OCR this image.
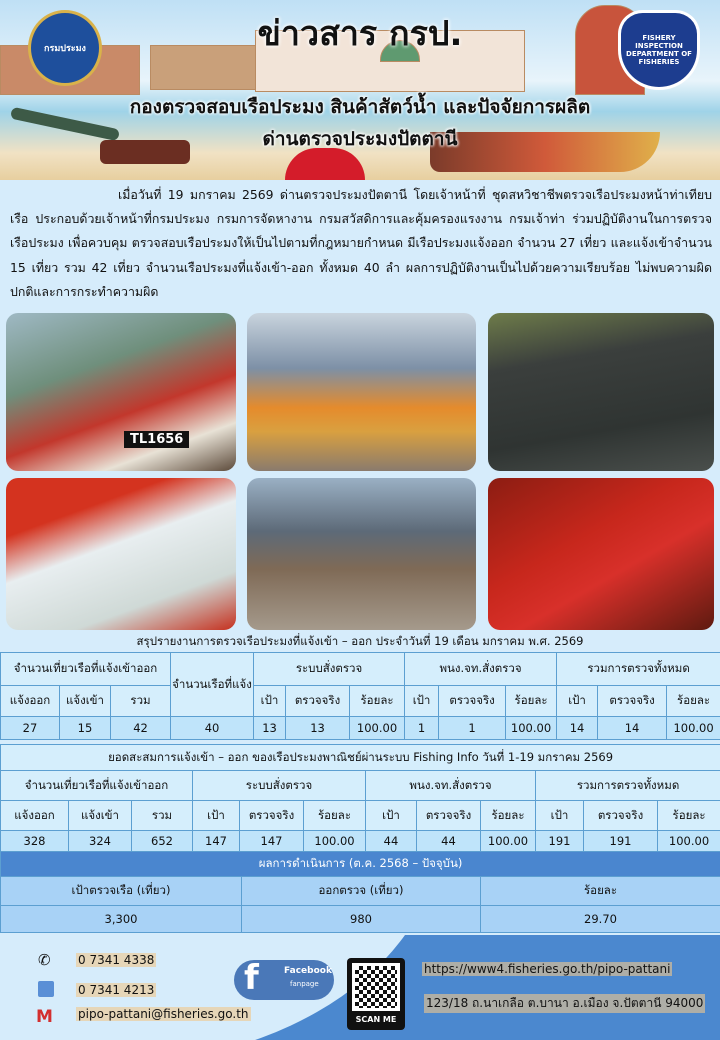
กรมประมง
FISHERY INSPECTION DEPARTMENT OF FISHERIES
ข่าวสาร กรป.
กองตรวจสอบเรือประมง สินค้าสัตว์น้ำ และปัจจัยการผลิต
ด่านตรวจประมงปัตตานี
เมื่อวันที่ 19 มกราคม 2569 ด่านตรวจประมงปัตตานี โดยเจ้าหน้าที่ ชุดสหวิชาชีพตรวจเรือประมงหน้าท่าเทียบเรือ ประกอบด้วยเจ้าหน้าที่กรมประมง กรมการจัดหางาน กรมสวัสดิการและคุ้มครองแรงงาน กรมเจ้าท่า ร่วมปฏิบัติงานในการตรวจเรือประมง เพื่อควบคุม ตรวจสอบเรือประมงให้เป็นไปตามที่กฎหมายกำหนด มีเรือประมงแจ้งออก จำนวน 27 เที่ยว และแจ้งเข้าจำนวน 15 เที่ยว รวม 42 เที่ยว จำนวนเรือประมงที่แจ้งเข้า-ออก ทั้งหมด 40 ลำ ผลการปฏิบัติงานเป็นไปด้วยความเรียบร้อย ไม่พบความผิดปกติและการกระทำความผิด
TL1656
สรุปรายงานการตรวจเรือประมงที่แจ้งเข้า – ออก ประจำวันที่ 19 เดือน มกราคม พ.ศ. 2569
จำนวนเที่ยวเรือที่แจ้งเข้าออก			จำนวนเรือที่แจ้ง	ระบบสั่งตรวจ			พนง.จท.สั่งตรวจ			รวมการตรวจทั้งหมด		
แจ้งออก	แจ้งเข้า	รวม		เป้า	ตรวจจริง	ร้อยละ	เป้า	ตรวจจริง	ร้อยละ	เป้า	ตรวจจริง	ร้อยละ
27	15	42	40	13	13	100.00	1	1	100.00	14	14	100.00
ยอดสะสมการแจ้งเข้า – ออก ของเรือประมงพาณิชย์ผ่านระบบ Fishing Info วันที่ 1-19 มกราคม 2569											
จำนวนเที่ยวเรือที่แจ้งเข้าออก			ระบบสั่งตรวจ			พนง.จท.สั่งตรวจ			รวมการตรวจทั้งหมด		
แจ้งออก	แจ้งเข้า	รวม	เป้า	ตรวจจริง	ร้อยละ	เป้า	ตรวจจริง	ร้อยละ	เป้า	ตรวจจริง	ร้อยละ
328	324	652	147	147	100.00	44	44	100.00	191	191	100.00
ผลการดำเนินการ (ต.ค. 2568 – ปัจจุบัน)		
เป้าตรวจเรือ (เที่ยว)	ออกตรวจ (เที่ยว)	ร้อยละ
3,300	980	29.70
✆ 0 7341 4338
0 7341 4213
M pipo-pattani@fisheries.go.th
f	Facebook
fanpage
SCAN ME
https://www4.fisheries.go.th/pipo-pattani
123/18 ถ.นาเกลือ ต.บานา อ.เมือง จ.ปัตตานี 94000
